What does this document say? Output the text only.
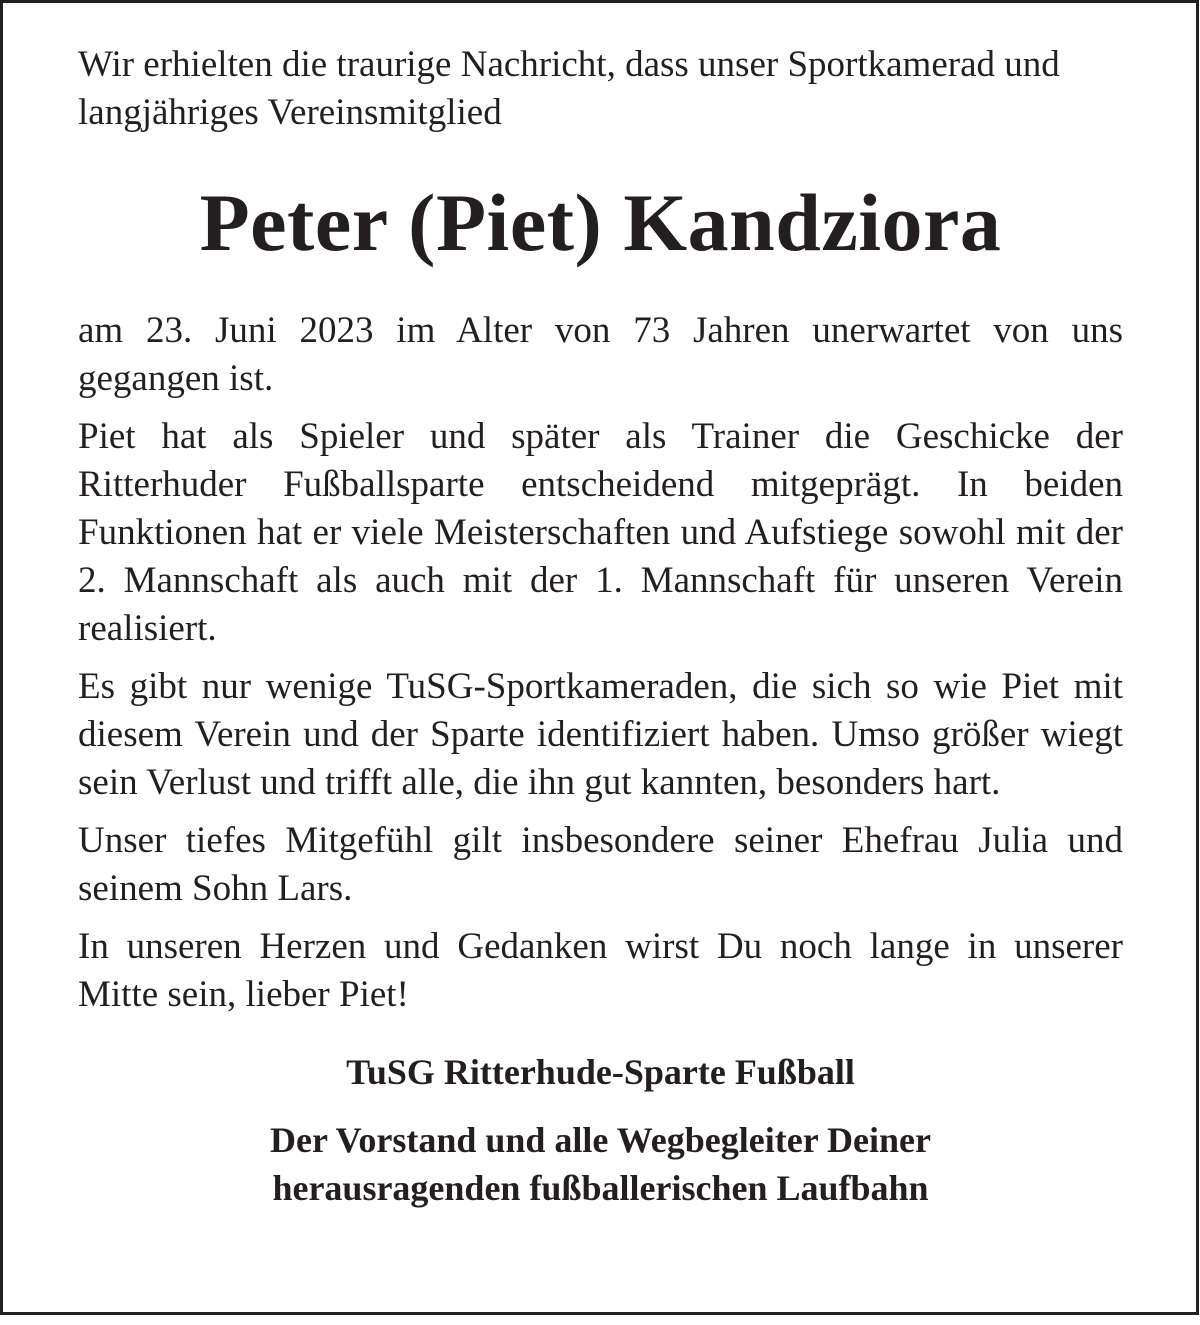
Wir erhielten die traurige Nachricht, dass unser Sportkamerad und langjähriges Vereinsmitglied

Peter (Piet) Kandziora

am 23. Juni 2023 im Alter von 73 Jahren unerwartet von uns gegangen ist.

Piet hat als Spieler und später als Trainer die Geschicke der Ritterhuder Fußballsparte entscheidend mitgeprägt. In beiden Funktionen hat er viele Meisterschaften und Aufstiege sowohl mit der 2. Mannschaft als auch mit der 1. Mannschaft für unseren Verein realisiert.

Es gibt nur wenige TuSG-Sportkameraden, die sich so wie Piet mit diesem Verein und der Sparte identifiziert haben. Umso größer wiegt sein Verlust und trifft alle, die ihn gut kannten, besonders hart.

Unser tiefes Mitgefühl gilt insbesondere seiner Ehefrau Julia und seinem Sohn Lars.

In unseren Herzen und Gedanken wirst Du noch lange in unserer Mitte sein, lieber Piet!

TuSG Ritterhude-Sparte Fußball

Der Vorstand und alle Wegbegleiter Deiner

herausragenden fußballerischen Laufbahn
